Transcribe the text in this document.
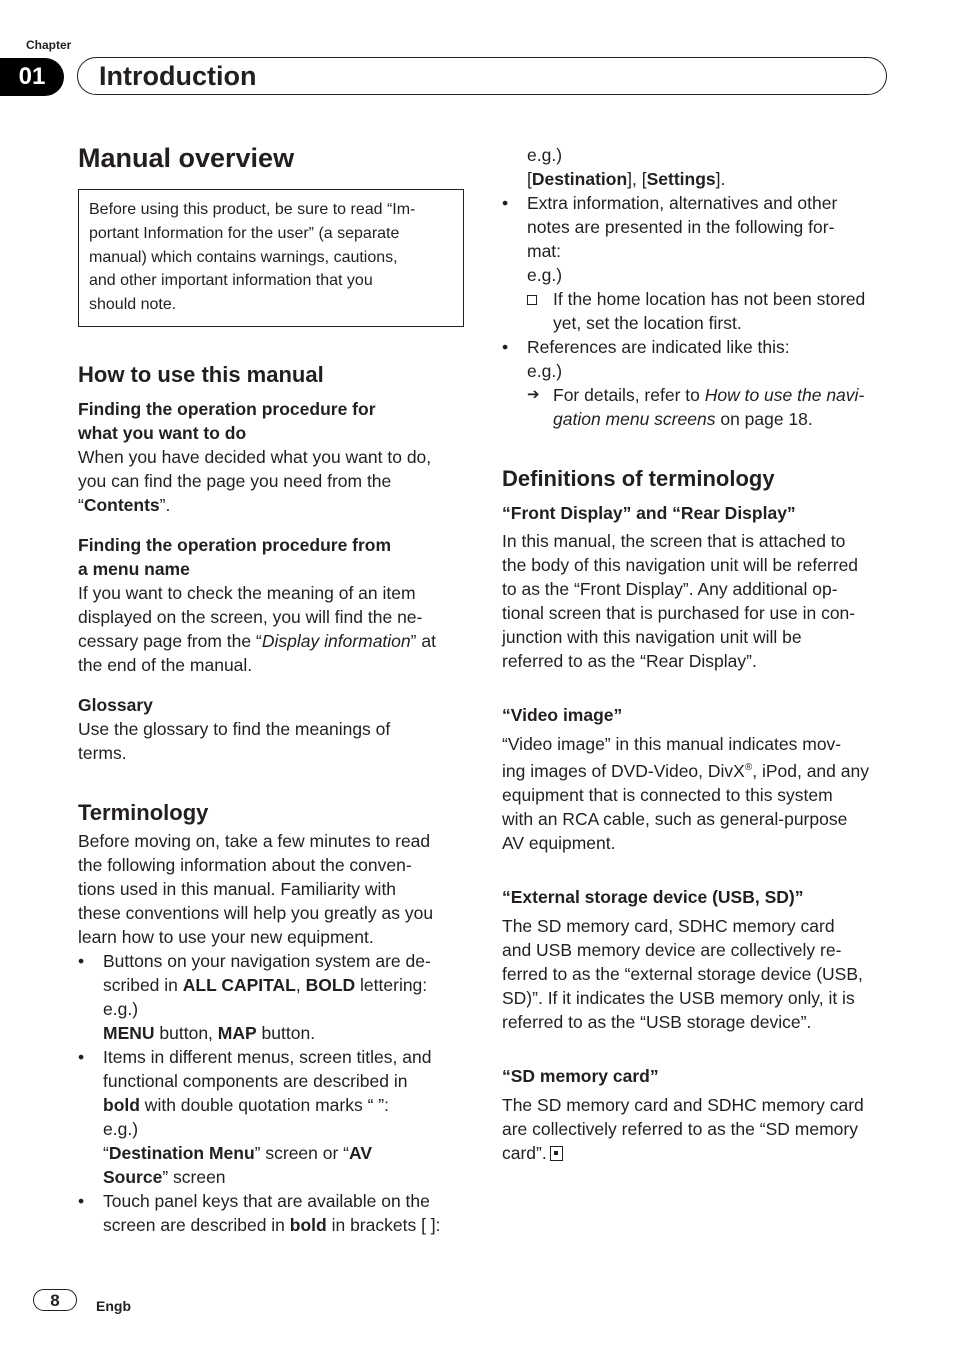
Chapter
01	Introduction
Manual overview
Before using this product, be sure to read “Im-
portant Information for the user” (a separate
manual) which contains warnings, cautions,
and other important information that you
should note.
How to use this manual
Finding the operation procedure for
what you want to do
When you have decided what you want to do,
you can find the page you need from the
“Contents”.
Finding the operation procedure from
a menu name
If you want to check the meaning of an item
displayed on the screen, you will find the ne-
cessary page from the “Display information” at
the end of the manual.
Glossary
Use the glossary to find the meanings of
terms.
Terminology
Before moving on, take a few minutes to read
the following information about the conven-
tions used in this manual. Familiarity with
these conventions will help you greatly as you
learn how to use your new equipment.
•	Buttons on your navigation system are de-
scribed in ALL CAPITAL, BOLD lettering:
e.g.)
MENU button, MAP button.
•	Items in different menus, screen titles, and
functional components are described in
bold with double quotation marks “ ”:
e.g.)
“Destination Menu” screen or “AV
Source” screen
•	Touch panel keys that are available on the
screen are described in bold in brackets [ ]:
e.g.)
[Destination], [Settings].
•	Extra information, alternatives and other
notes are presented in the following for-
mat:
e.g.)
If the home location has not been stored
yet, set the location first.
•	References are indicated like this:
e.g.)
➔ For details, refer to How to use the navi-
gation menu screens on page 18.
Definitions of terminology
“Front Display” and “Rear Display”
In this manual, the screen that is attached to
the body of this navigation unit will be referred
to as the “Front Display”. Any additional op-
tional screen that is purchased for use in con-
junction with this navigation unit will be
referred to as the “Rear Display”.
“Video image”
“Video image” in this manual indicates mov-
ing images of DVD-Video, DivX®, iPod, and any
equipment that is connected to this system
with an RCA cable, such as general-purpose
AV equipment.
“External storage device (USB, SD)”
The SD memory card, SDHC memory card
and USB memory device are collectively re-
ferred to as the “external storage device (USB,
SD)”. If it indicates the USB memory only, it is
referred to as the “USB storage device”.
“SD memory card”
The SD memory card and SDHC memory card
are collectively referred to as the “SD memory
card”.
8	Engb
